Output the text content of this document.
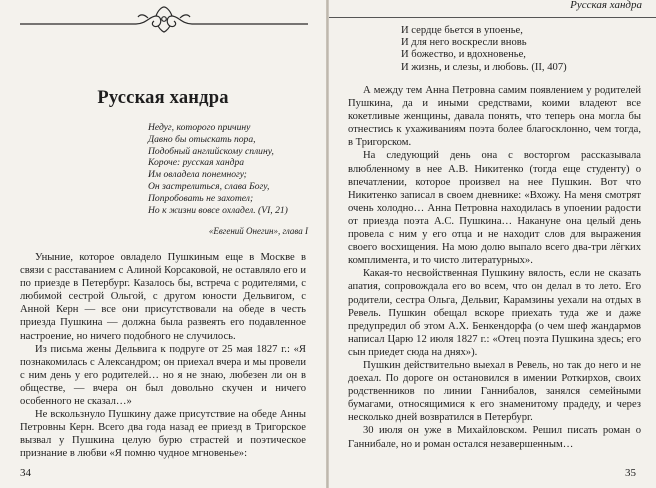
Русская хандра
Недуг, которого причину
Давно бы отыскать пора,
Подобный английскому сплину,
Короче: русская хандра
Им овладела понемногу;
Он застрелиться, слава Богу,
Попробовать не захотел;
Но к жизни вовсе охладел. (VI, 21)
«Евгений Онегин», глава I

Уныние, которое овладело Пушкиным еще в Москве в связи с расставанием с Алиной Корсаковой, не оставляло его и по приезде в Петербург. Казалось бы, встреча с родителями, с любимой сестрой Ольгой, с другом юности Дельвигом, с Анной Керн — все они присутствовали на обеде в честь приезда Пушкина — должна была развеять его подавленное настроение, но ничего подобного не случилось.

Из письма жены Дельвига к подруге от 25 мая 1827 г.: «Я познакомилась с Александром; он приехал вчера и мы провели с ним день у его родителей… но я не знаю, любезен ли он в обществе, — вчера он был довольно скучен и ничего особенного не сказал…»

Не вскользнуло Пушкину даже присутствие на обеде Анны Петровны Керн. Всего два года назад ее приезд в Тригорское вызвал у Пушкина целую бурю страстей и поэтическое признание в любви «Я помню чудное мгновенье»:

34
Русская хандра
И сердце бьется в упоенье,
И для него воскресли вновь
И божество, и вдохновенье,
И жизнь, и слезы, и любовь. (II, 407)

А между тем Анна Петровна самим появлением у родителей Пушкина, да и иными средствами, коими владеют все кокетливые женщины, давала понять, что теперь она могла бы отнестись к ухаживаниям поэта более благосклонно, чем тогда, в Тригорском.

На следующий день она с восторгом рассказывала влюбленному в нее А.В. Никитенко (тогда еще студенту) о впечатлении, которое произвел на нее Пушкин. Вот что Никитенко записал в своем дневнике: «Вхожу. На меня смотрят очень холодно… Анна Петровна находилась в упоении радости от приезда поэта А.С. Пушкина… Накануне она целый день провела с ним у его отца и не находит слов для выражения своего восхищения. На мою долю выпало всего два-три лёгких комплимента, и то чисто литературных».

Какая-то несвойственная Пушкину вялость, если не сказать апатия, сопровождала его во всем, что он делал в то лето. Его родители, сестра Ольга, Дельвиг, Карамзины уехали на отдых в Ревель. Пушкин обещал вскоре приехать туда же и даже предупредил об этом А.Х. Бенкендорфа (о чем шеф жандармов написал Царю 12 июля 1827 г.: «Отец поэта Пушкина здесь; его сын приедет сюда на днях»).

Пушкин действительно выехал в Ревель, но так до него и не доехал. По дороге он остановился в имении Роткирхов, своих родственников по линии Ганнибалов, занялся семейными бумагами, относящимися к его знаменитому прадеду, и через несколько дней возвратился в Петербург.

30 июля он уже в Михайловском. Решил писать роман о Ганнибале, но и роман остался незавершенным…

35
